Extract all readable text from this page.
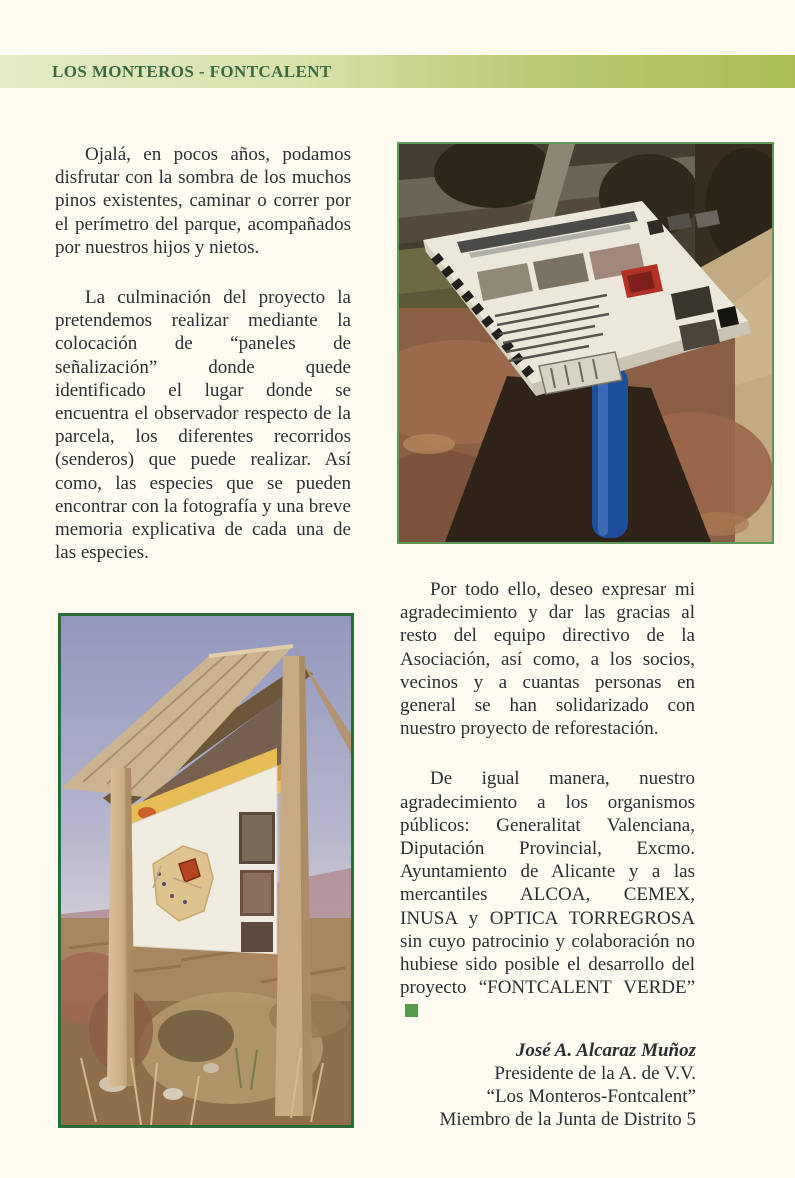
LOS MONTEROS - FONTCALENT

Ojalá, en pocos años, podamos disfrutar con la sombra de los muchos pinos existentes, caminar o correr por el perímetro del parque, acompañados por nuestros hijos y nietos.

La culminación del proyecto la pretendemos realizar mediante la colocación de “paneles de señalización” donde quede identificado el lugar donde se encuentra el observador respecto de la parcela, los diferentes recorridos (senderos) que puede realizar. Así como, las especies que se pueden encontrar con la fotografía y una breve memoria explicativa de cada una de las especies.

Por todo ello, deseo expresar mi agradecimiento y dar las gracias al resto del equipo directivo de la Asociación, así como, a los socios, vecinos y a cuantas personas en general se han solidarizado con nuestro proyecto de reforestación.

De igual manera, nuestro agradecimiento a los organismos públicos: Generalitat Valenciana, Diputación Provincial, Excmo. Ayuntamiento de Alicante y a las mercantiles ALCOA, CEMEX, INUSA y OPTICA TORREGROSA sin cuyo patrocinio y colaboración no hubiese sido posible el desarrollo del proyecto “FONTCALENT VERDE”

José A. Alcaraz Muñoz
Presidente de la A. de V.V.
“Los Monteros-Fontcalent”
Miembro de la Junta de Distrito 5
